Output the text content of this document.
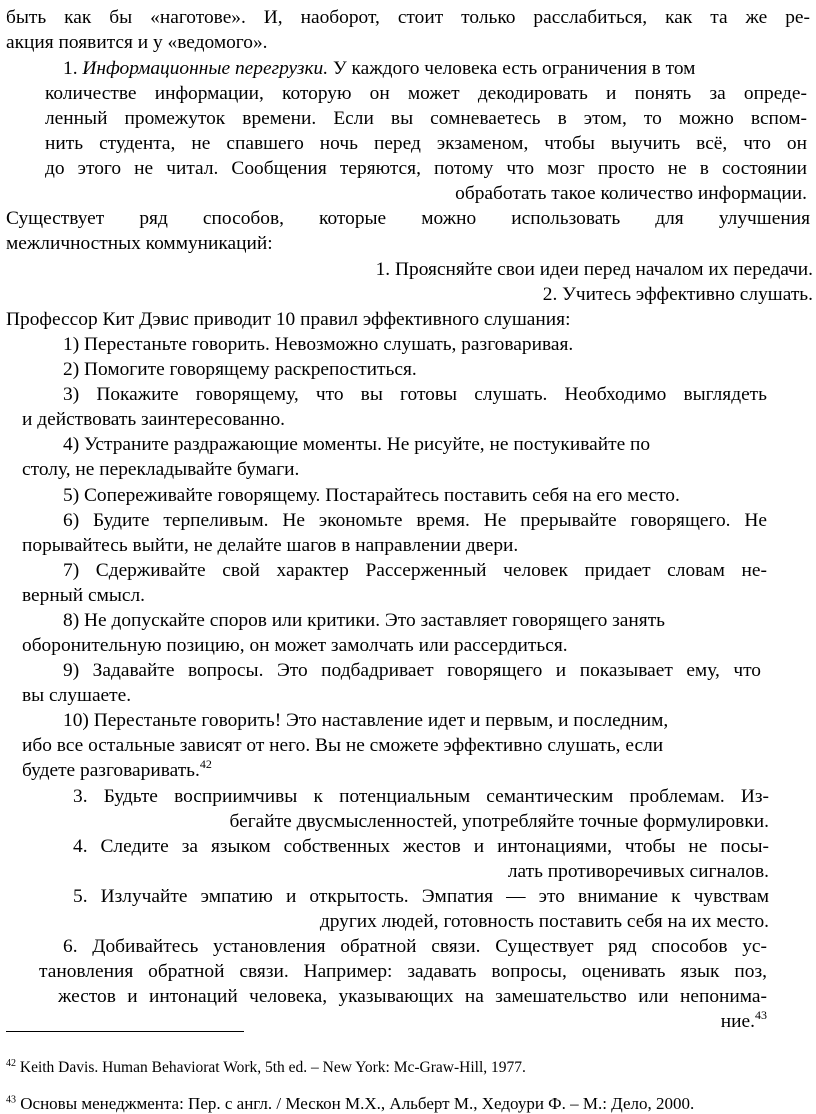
быть как бы «наготове». И, наоборот, стоит только расслабиться, как та же ре-

акция появится и у «ведомого».

1. Информационные перегрузки. У каждого человека есть ограничения в том

количестве информации, которую он может декодировать и понять за опреде-

ленный промежуток времени. Если вы сомневаетесь в этом, то можно вспом-

нить студента, не спавшего ночь перед экзаменом, чтобы выучить всё, что он

до этого не читал. Сообщения теряются, потому что мозг просто не в состоянии

обработать такое количество информации.

Существует ряд способов, которые можно использовать для улучшения

межличностных коммуникаций:

1. Проясняйте свои идеи перед началом их передачи.

2. Учитесь эффективно слушать.

Профессор Кит Дэвис приводит 10 правил эффективного слушания:

1) Перестаньте говорить. Невозможно слушать, разговаривая.

2) Помогите говорящему раскрепоститься.

3) Покажите говорящему, что вы готовы слушать. Необходимо выглядеть

и действовать заинтересованно.

4) Устраните раздражающие моменты. Не рисуйте, не постукивайте по

столу, не перекладывайте бумаги.

5) Сопереживайте говорящему. Постарайтесь поставить себя на его место.

6) Будите терпеливым. Не экономьте время. Не прерывайте говорящего. Не

порывайтесь выйти, не делайте шагов в направлении двери.

7) Сдерживайте свой характер Рассерженный человек придает словам не-

верный смысл.

8) Не допускайте споров или критики. Это заставляет говорящего занять

оборонительную позицию, он может замолчать или рассердиться.

9) Задавайте вопросы. Это подбадривает говорящего и показывает ему, что

вы слушаете.

10) Перестаньте говорить! Это наставление идет и первым, и последним,

ибо все остальные зависят от него. Вы не сможете эффективно слушать, если

будете разговаривать.$^{42}$

3. Будьте восприимчивы к потенциальным семантическим проблемам. Из-

бегайте двусмысленностей, употребляйте точные формулировки.

4. Следите за языком собственных жестов и интонациями, чтобы не посы-

лать противоречивых сигналов.

5. Излучайте эмпатию и открытость. Эмпатия — это внимание к чувствам

других людей, готовность поставить себя на их место.

6. Добивайтесь установления обратной связи. Существует ряд способов ус-

тановления обратной связи. Например: задавать вопросы, оценивать язык поз,

жестов и интонаций человека, указывающих на замешательство или непонима-

ние.$^{43}$

$^{42}$ Keith Davis. Human Behaviorat Work, 5th ed. – New York: Mc-Graw-Hill, 1977.

$^{43}$ Основы менеджмента: Пер. с англ. / Мескон М.Х., Альберт М., Хедоури Ф. – М.: Дело, 2000.
